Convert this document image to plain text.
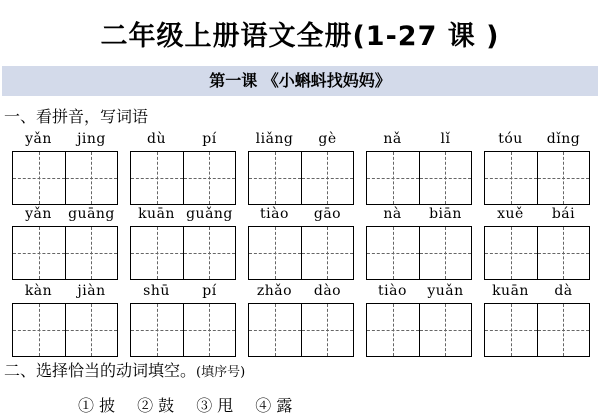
二年级上册语文全册(1-27 课 )
第一课 《小蝌蚪找妈妈》
一、看拼音，写词语
yǎn	jing	dù	pí	liǎng	gè	nǎ	lǐ	tóu	dǐng
yǎn	guāng	kuān guǎng	tiào	gāo	nà	biān	xuě	bái
kàn	jiàn	shū	pí	zhǎo	dào	tiào	yuǎn	kuān	dà
二、选择恰当的动词填空。(填序号)
① 披 ② 鼓 ③ 甩 ④ 露
